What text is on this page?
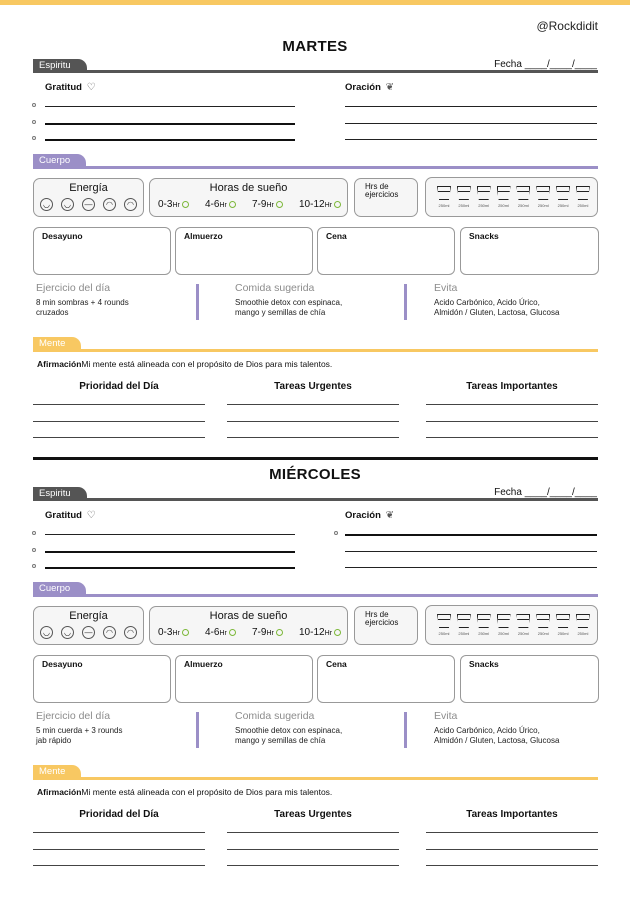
@Rockdidit
MARTES
Espiritu	Fecha ____/____/____
Gratitud ♡	Oración ❦
Cuerpo
Energía
◡	◡	—	◠	◠
Horas de sueño
0-3Hr	4-6Hr	7-9Hr	10-12Hr
Hrs de ejercicios
250ml	250ml	250ml	250ml	250ml	250ml	250ml	250ml
Desayuno	Almuerzo	Cena	Snacks
Ejercicio del día
8 min sombras + 4 rounds
cruzados
Comida sugerida
Smoothie detox con espinaca,
mango y semillas de chía
Evita
Acido Carbónico, Acido Úrico,
Almidón / Gluten, Lactosa, Glucosa
Mente
AfirmaciónMi mente está alineada con el propósito de Dios para mis talentos.
Prioridad del Día	Tareas Urgentes	Tareas Importantes
MIÉRCOLES
Espiritu	Fecha ____/____/____
Gratitud ♡	Oración ❦
Cuerpo
Energía
◡	◡	—	◠	◠
Horas de sueño
0-3Hr	4-6Hr	7-9Hr	10-12Hr
Hrs de ejercicios
250ml	250ml	250ml	250ml	250ml	250ml	250ml	250ml
Desayuno	Almuerzo	Cena	Snacks
Ejercicio del día
5 min cuerda + 3 rounds
jab rápido
Comida sugerida
Smoothie detox con espinaca,
mango y semillas de chía
Evita
Acido Carbónico, Acido Úrico,
Almidón / Gluten, Lactosa, Glucosa
Mente
AfirmaciónMi mente está alineada con el propósito de Dios para mis talentos.
Prioridad del Día	Tareas Urgentes	Tareas Importantes
